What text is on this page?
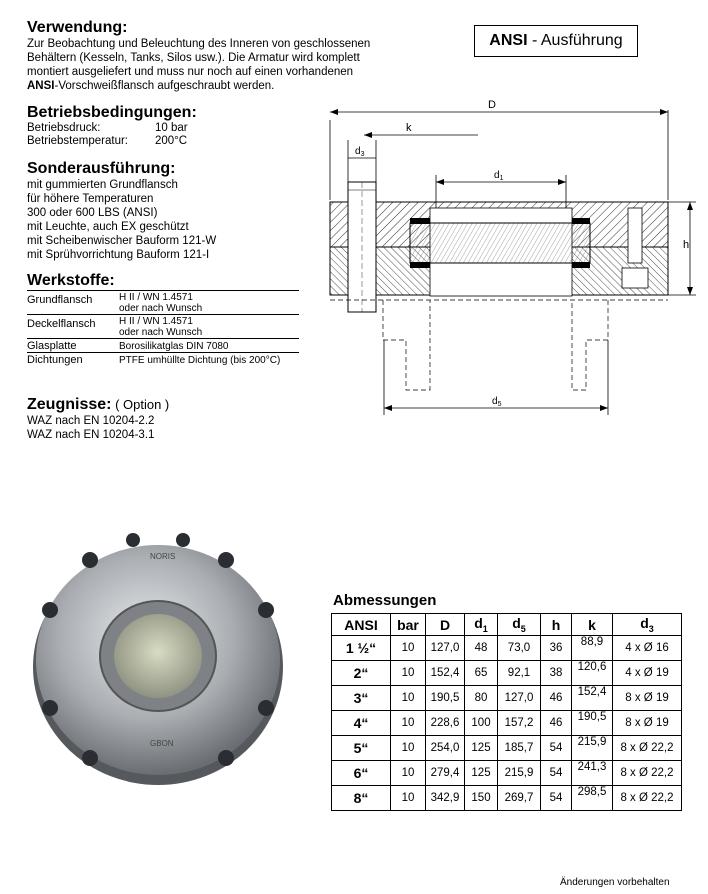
Verwendung:
Zur Beobachtung und Beleuchtung des Inneren von geschlossenen
Behältern (Kesseln, Tanks, Silos usw.). Die Armatur wird komplett
montiert ausgeliefert und muss nur noch auf einen vorhandenen
ANSI-Vorschweißflansch aufgeschraubt werden.
ANSI - Ausführung
Betriebsbedingungen:
Betriebsdruck:	10 bar
Betriebstemperatur:	200°C
Sonderausführung:
mit gummierten Grundflansch
für höhere Temperaturen
300 oder 600 LBS (ANSI)
mit Leuchte, auch EX geschützt
mit Scheibenwischer Bauform 121-W
mit Sprühvorrichtung Bauform 121-I
Werkstoffe:
Grundflansch	H II / WN 1.4571
oder nach Wunsch

Deckelflansch	H II / WN 1.4571
oder nach Wunsch

Glasplatte	Borosilikatglas DIN 7080
Dichtungen	PTFE umhüllte Dichtung (bis 200°C)
Zeugnisse: ( Option )
WAZ nach EN 10204-2.2
WAZ nach EN 10204-3.1
D
k
$d_3$
$d_1$
h
$d_5$
NORIS
GBON
Abmessungen
ANSI	bar	D	$d_1$	$d_5$	h	k	$d_3$
1 ½“	10	127,0	48	73,0	36	88,9	4 x Ø 16
2“	10	152,4	65	92,1	38	120,6	4 x Ø 19
3“	10	190,5	80	127,0	46	152,4	8 x Ø 19
4“	10	228,6	100	157,2	46	190,5	8 x Ø 19
5“	10	254,0	125	185,7	54	215,9	8 x Ø 22,2
6“	10	279,4	125	215,9	54	241,3	8 x Ø 22,2
8“	10	342,9	150	269,7	54	298,5	8 x Ø 22,2
Änderungen vorbehalten
